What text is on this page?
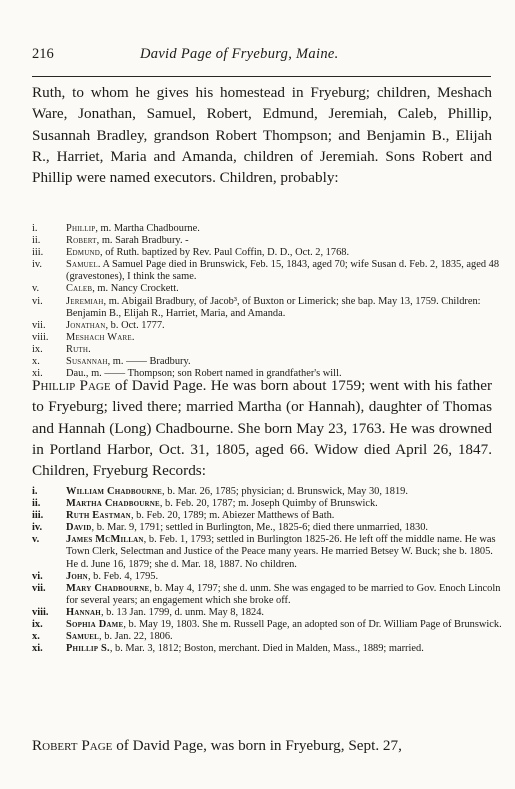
216	David Page of Fryeburg, Maine.
Ruth, to whom he gives his homestead in Fryeburg; children, Meshach Ware, Jonathan, Samuel, Robert, Edmund, Jeremiah, Caleb, Phillip, Susannah Bradley, grandson Robert Thompson; and Benjamin B., Elijah R., Harriet, Maria and Amanda, children of Jeremiah. Sons Robert and Phillip were named executors. Children, probably:
i.	Phillip, m. Martha Chadbourne.
ii.	Robert, m. Sarah Bradbury. -
iii.	Edmund, of Ruth. baptized by Rev. Paul Coffin, D. D., Oct. 2, 1768.
iv.	Samuel. A Samuel Page died in Brunswick, Feb. 15, 1843, aged 70; wife Susan d. Feb. 2, 1835, aged 48 (gravestones), I think the same.
v.	Caleb, m. Nancy Crockett.
vi.	Jeremiah, m. Abigail Bradbury, of Jacob³, of Buxton or Limerick; she bap. May 13, 1759. Children: Benjamin B., Elijah R., Harriet, Maria, and Amanda.
vii.	Jonathan, b. Oct. 1777.
viii.	Meshach Ware.
ix.	Ruth.
x.	Susannah, m. —— Bradbury.
xi.	Dau., m. —— Thompson; son Robert named in grandfather's will.
Phillip Page of David Page. He was born about 1759; went with his father to Fryeburg; lived there; married Martha (or Hannah), daughter of Thomas and Hannah (Long) Chadbourne. She born May 23, 1763. He was drowned in Portland Harbor, Oct. 31, 1805, aged 66. Widow died April 26, 1847. Children, Fryeburg Records:
i.	William Chadbourne, b. Mar. 26, 1785; physician; d. Brunswick, May 30, 1819.
ii.	Martha Chadbourne, b. Feb. 20, 1787; m. Joseph Quimby of Brunswick.
iii.	Ruth Eastman, b. Feb. 20, 1789; m. Abiezer Matthews of Bath.
iv.	David, b. Mar. 9, 1791; settled in Burlington, Me., 1825-6; died there unmarried, 1830.
v.	James McMillan, b. Feb. 1, 1793; settled in Burlington 1825-26. He left off the middle name. He was Town Clerk, Selectman and Justice of the Peace many years. He married Betsey W. Buck; she b. 1805. He d. June 16, 1879; she d. Mar. 18, 1887. No children.
vi.	John, b. Feb. 4, 1795.
vii.	Mary Chadbourne, b. May 4, 1797; she d. unm. She was engaged to be married to Gov. Enoch Lincoln for several years; an engagement which she broke off.
viii.	Hannah, b. 13 Jan. 1799, d. unm. May 8, 1824.
ix.	Sophia Dame, b. May 19, 1803. She m. Russell Page, an adopted son of Dr. William Page of Brunswick.
x.	Samuel, b. Jan. 22, 1806.
xi.	Phillip S., b. Mar. 3, 1812; Boston, merchant. Died in Malden, Mass., 1889; married.
Robert Page of David Page, was born in Fryeburg, Sept. 27,
